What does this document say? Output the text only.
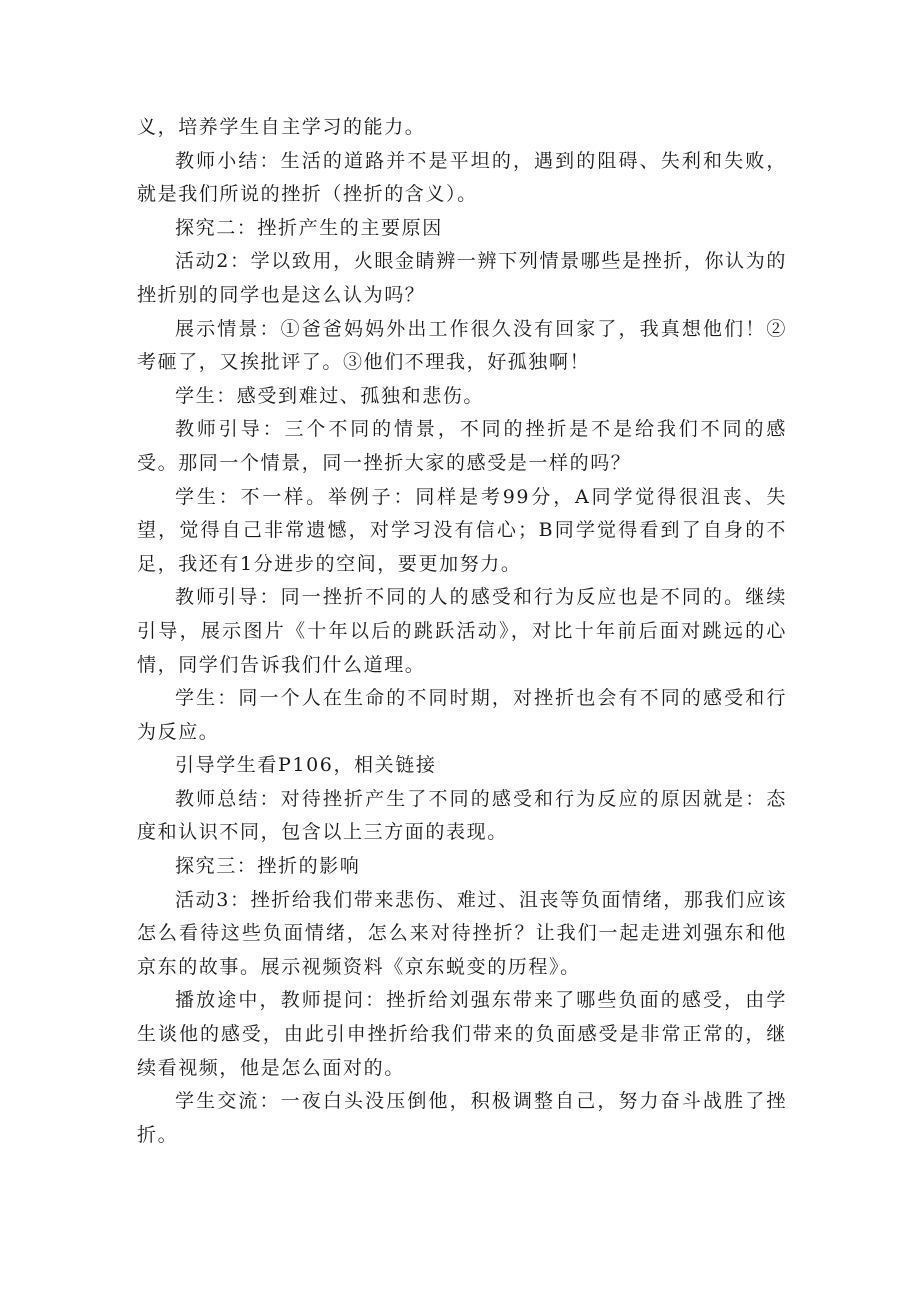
义，培养学生自主学习的能力。

教师小结：生活的道路并不是平坦的，遇到的阻碍、失利和失败，就是我们所说的挫折（挫折的含义）。

探究二：挫折产生的主要原因

活动2：学以致用，火眼金睛辨一辨下列情景哪些是挫折，你认为的挫折别的同学也是这么认为吗？

展示情景：①爸爸妈妈外出工作很久没有回家了，我真想他们！②考砸了，又挨批评了。③他们不理我，好孤独啊！

学生：感受到难过、孤独和悲伤。

教师引导：三个不同的情景，不同的挫折是不是给我们不同的感受。那同一个情景，同一挫折大家的感受是一样的吗？

学生：不一样。举例子：同样是考99分，A同学觉得很沮丧、失望，觉得自己非常遗憾，对学习没有信心；B同学觉得看到了自身的不足，我还有1分进步的空间，要更加努力。

教师引导：同一挫折不同的人的感受和行为反应也是不同的。继续引导，展示图片《十年以后的跳跃活动》，对比十年前后面对跳远的心情，同学们告诉我们什么道理。

学生：同一个人在生命的不同时期，对挫折也会有不同的感受和行为反应。

引导学生看P106，相关链接

教师总结：对待挫折产生了不同的感受和行为反应的原因就是：态度和认识不同，包含以上三方面的表现。

探究三：挫折的影响

活动3：挫折给我们带来悲伤、难过、沮丧等负面情绪，那我们应该怎么看待这些负面情绪，怎么来对待挫折？让我们一起走进刘强东和他京东的故事。展示视频资料《京东蜕变的历程》。

播放途中，教师提问：挫折给刘强东带来了哪些负面的感受，由学生谈他的感受，由此引申挫折给我们带来的负面感受是非常正常的，继续看视频，他是怎么面对的。

学生交流：一夜白头没压倒他，积极调整自己，努力奋斗战胜了挫折。
